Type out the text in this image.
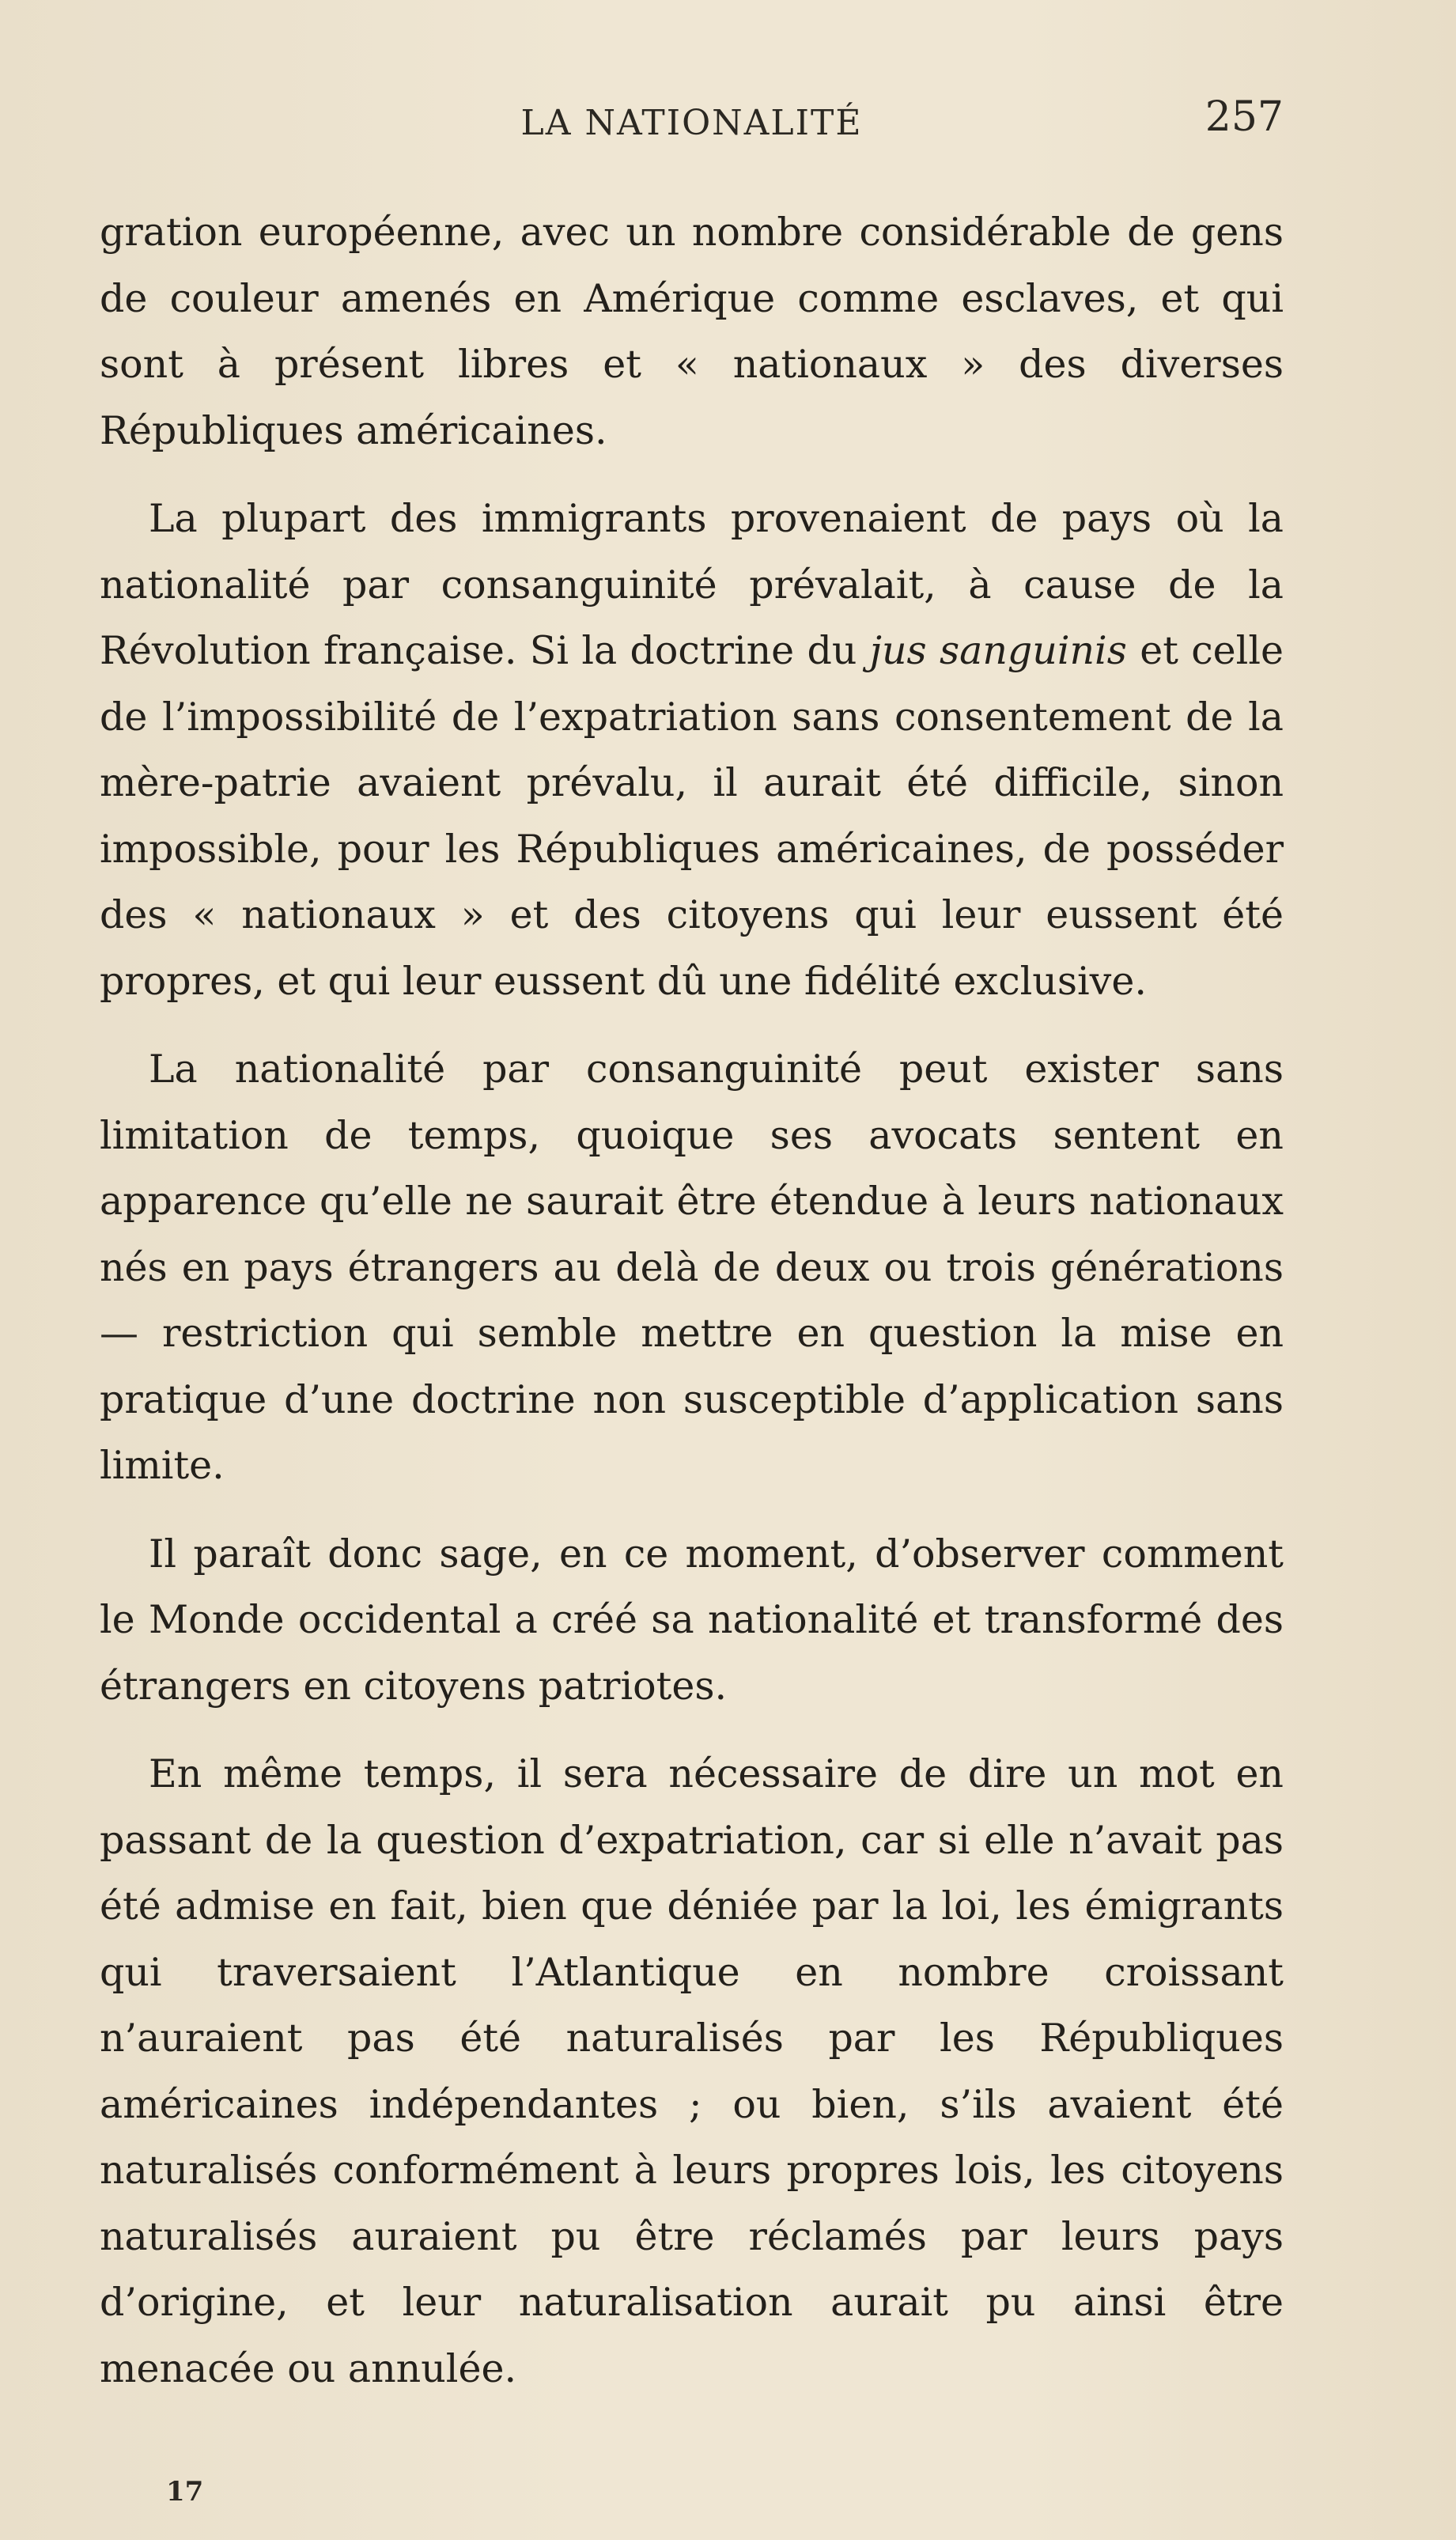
LA NATIONALITÉ	257

gration européenne, avec un nombre considérable de gens de couleur amenés en Amérique comme esclaves, et qui sont à présent libres et « nationaux » des diverses Républiques américaines.

La plupart des immigrants provenaient de pays où la nationalité par consanguinité prévalait, à cause de la Révolution française. Si la doctrine du jus sanguinis et celle de l’impossibilité de l’expatriation sans consentement de la mère-patrie avaient prévalu, il aurait été difficile, sinon impossible, pour les Républiques américaines, de posséder des « nationaux » et des citoyens qui leur eussent été propres, et qui leur eussent dû une fidélité exclusive.

La nationalité par consanguinité peut exister sans limitation de temps, quoique ses avocats sentent en apparence qu’elle ne saurait être étendue à leurs nationaux nés en pays étrangers au delà de deux ou trois générations — restriction qui semble mettre en question la mise en pratique d’une doctrine non susceptible d’application sans limite.

Il paraît donc sage, en ce moment, d’observer comment le Monde occidental a créé sa nationalité et transformé des étrangers en citoyens patriotes.

En même temps, il sera nécessaire de dire un mot en passant de la question d’expatriation, car si elle n’avait pas été admise en fait, bien que déniée par la loi, les émigrants qui traversaient l’Atlantique en nombre croissant n’auraient pas été naturalisés par les Républiques américaines indépendantes ; ou bien, s’ils avaient été naturalisés conformément à leurs propres lois, les citoyens naturalisés auraient pu être réclamés par leurs pays d’origine, et leur naturalisation aurait pu ainsi être menacée ou annulée.

17
